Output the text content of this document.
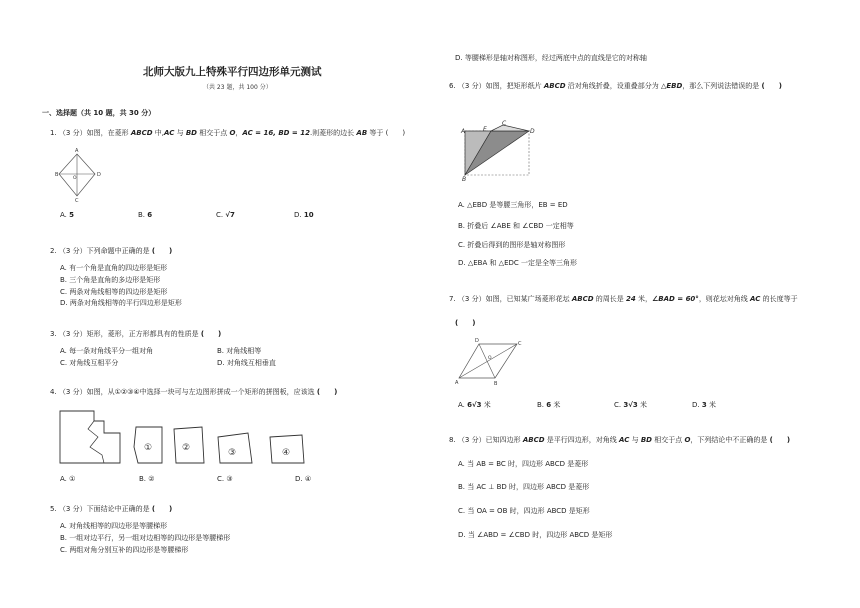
北师大版九上特殊平行四边形单元测试
（共 23 题，共 100 分）
一、选择题（共 10 题，共 30 分）
1. （3 分）如图，在菱形 ABCD 中,AC 与 BD 相交于点 O，AC = 16, BD = 12.则菱形的边长 AB 等于 (　　)
A
B	D
C
O
A. 5	B. 6	C. √7	D. 10
2. （3 分）下列命题中正确的是 (　　)
A. 有一个角是直角的四边形是矩形
B. 三个角是直角的多边形是矩形
C. 两条对角线相等的四边形是矩形
D. 两条对角线相等的平行四边形是矩形
3. （3 分）矩形，菱形，正方形都具有的性质是 (　　)
A. 每一条对角线平分一组对角	B. 对角线相等
C. 对角线互相平分	D. 对角线互相垂直
4. （3 分）如图，从①②③④中选择一块可与左边图形拼成一个矩形的拼图板，应该选 (　　)
①	②	③	④
A. ①	B. ②	C. ③	D. ④
5. （3 分）下面结论中正确的是 (　　)
A. 对角线相等的四边形是等腰梯形
B. 一组对边平行，另一组对边相等的四边形是等腰梯形
C. 两组对角分别互补的四边形是等腰梯形
D. 等腰梯形是轴对称图形，经过两底中点的直线是它的对称轴
6. （3 分）如图，把矩形纸片 ABCD 沿对角线折叠，设重叠部分为 △EBD，那么下列说法错误的是 (　　)
A	E
C
D
B
A. △EBD 是等腰三角形，EB = ED
B. 折叠后 ∠ABE 和 ∠CBD 一定相等
C. 折叠后得到的图形是轴对称图形
D. △EBA 和 △EDC 一定是全等三角形
7. （3 分）如图，已知某广场菱形花坛 ABCD 的周长是 24 米，∠BAD = 60°，则花坛对角线 AC 的长度等于
(　　)
A	B
C
D
O
A. 6√3 米	B. 6 米	C. 3√3 米	D. 3 米
8. （3 分）已知四边形 ABCD 是平行四边形，对角线 AC 与 BD 相交于点 O，下列结论中不正确的是 (　　)
A. 当 AB = BC 时，四边形 ABCD 是菱形
B. 当 AC ⊥ BD 时，四边形 ABCD 是菱形
C. 当 OA = OB 时，四边形 ABCD 是矩形
D. 当 ∠ABD = ∠CBD 时，四边形 ABCD 是矩形
